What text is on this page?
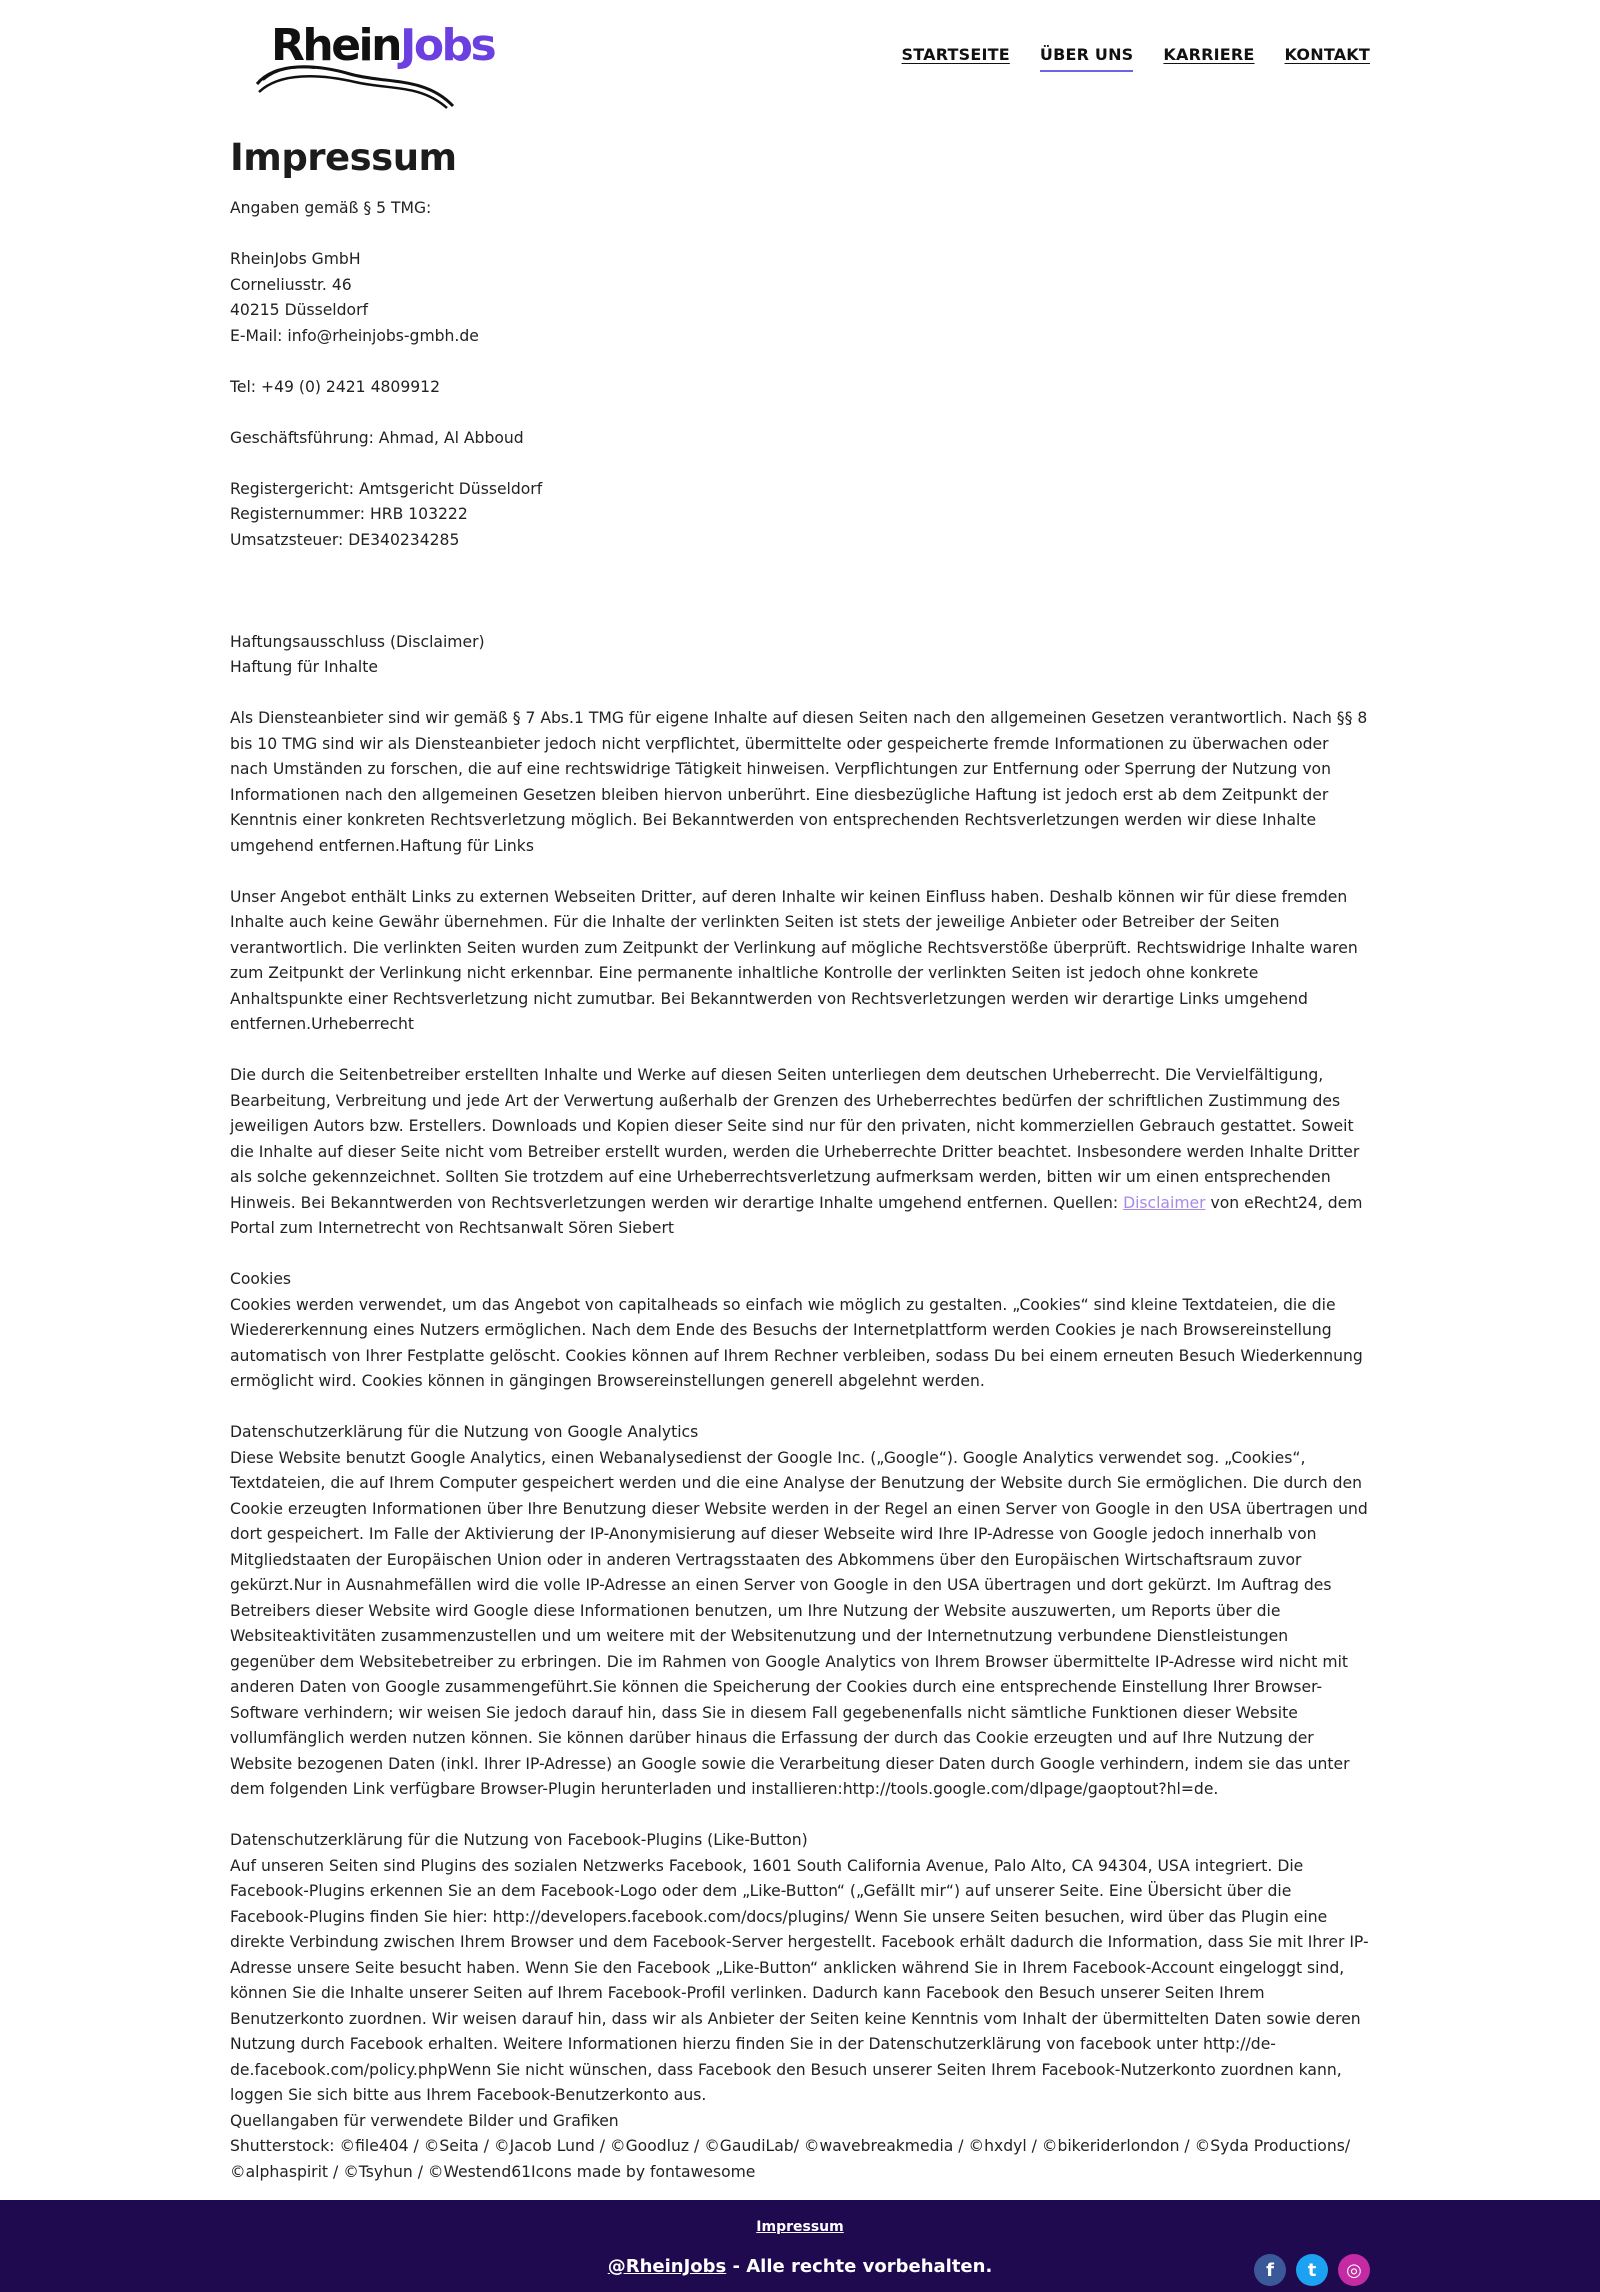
RheinJobs	STARTSEITE ÜBER UNS KARRIERE KONTAKT
Impressum

Angaben gemäß § 5 TMG:

RheinJobs GmbH
Corneliusstr. 46
40215 Düsseldorf
E-Mail: info@rheinjobs-gmbh.de

Tel: +49 (0) 2421 4809912

Geschäftsführung: Ahmad, Al Abboud

Registergericht: Amtsgericht Düsseldorf
Registernummer: HRB 103222
Umsatzsteuer: DE340234285

Haftungsausschluss (Disclaimer)
Haftung für Inhalte

Als Diensteanbieter sind wir gemäß § 7 Abs.1 TMG für eigene Inhalte auf diesen Seiten nach den allgemeinen Gesetzen verantwortlich. Nach §§ 8 bis 10 TMG sind wir als Diensteanbieter jedoch nicht verpflichtet, übermittelte oder gespeicherte fremde Informationen zu überwachen oder nach Umständen zu forschen, die auf eine rechtswidrige Tätigkeit hinweisen. Verpflichtungen zur Entfernung oder Sperrung der Nutzung von Informationen nach den allgemeinen Gesetzen bleiben hiervon unberührt. Eine diesbezügliche Haftung ist jedoch erst ab dem Zeitpunkt der Kenntnis einer konkreten Rechtsverletzung möglich. Bei Bekanntwerden von entsprechenden Rechtsverletzungen werden wir diese Inhalte umgehend entfernen.Haftung für Links

Unser Angebot enthält Links zu externen Webseiten Dritter, auf deren Inhalte wir keinen Einfluss haben. Deshalb können wir für diese fremden Inhalte auch keine Gewähr übernehmen. Für die Inhalte der verlinkten Seiten ist stets der jeweilige Anbieter oder Betreiber der Seiten verantwortlich. Die verlinkten Seiten wurden zum Zeitpunkt der Verlinkung auf mögliche Rechtsverstöße überprüft. Rechtswidrige Inhalte waren zum Zeitpunkt der Verlinkung nicht erkennbar. Eine permanente inhaltliche Kontrolle der verlinkten Seiten ist jedoch ohne konkrete Anhaltspunkte einer Rechtsverletzung nicht zumutbar. Bei Bekanntwerden von Rechtsverletzungen werden wir derartige Links umgehend entfernen.Urheberrecht

Die durch die Seitenbetreiber erstellten Inhalte und Werke auf diesen Seiten unterliegen dem deutschen Urheberrecht. Die Vervielfältigung, Bearbeitung, Verbreitung und jede Art der Verwertung außerhalb der Grenzen des Urheberrechtes bedürfen der schriftlichen Zustimmung des jeweiligen Autors bzw. Erstellers. Downloads und Kopien dieser Seite sind nur für den privaten, nicht kommerziellen Gebrauch gestattet. Soweit die Inhalte auf dieser Seite nicht vom Betreiber erstellt wurden, werden die Urheberrechte Dritter beachtet. Insbesondere werden Inhalte Dritter als solche gekennzeichnet. Sollten Sie trotzdem auf eine Urheberrechtsverletzung aufmerksam werden, bitten wir um einen entsprechenden Hinweis. Bei Bekanntwerden von Rechtsverletzungen werden wir derartige Inhalte umgehend entfernen. Quellen: Disclaimer von eRecht24, dem Portal zum Internetrecht von Rechtsanwalt Sören Siebert

Cookies
Cookies werden verwendet, um das Angebot von capitalheads so einfach wie möglich zu gestalten. „Cookies“ sind kleine Textdateien, die die Wiedererkennung eines Nutzers ermöglichen. Nach dem Ende des Besuchs der Internetplattform werden Cookies je nach Browsereinstellung automatisch von Ihrer Festplatte gelöscht. Cookies können auf Ihrem Rechner verbleiben, sodass Du bei einem erneuten Besuch Wiederkennung ermöglicht wird. Cookies können in gängingen Browsereinstellungen generell abgelehnt werden.

Datenschutzerklärung für die Nutzung von Google Analytics
Diese Website benutzt Google Analytics, einen Webanalysedienst der Google Inc. („Google“). Google Analytics verwendet sog. „Cookies“, Textdateien, die auf Ihrem Computer gespeichert werden und die eine Analyse der Benutzung der Website durch Sie ermöglichen. Die durch den Cookie erzeugten Informationen über Ihre Benutzung dieser Website werden in der Regel an einen Server von Google in den USA übertragen und dort gespeichert. Im Falle der Aktivierung der IP-Anonymisierung auf dieser Webseite wird Ihre IP-Adresse von Google jedoch innerhalb von Mitgliedstaaten der Europäischen Union oder in anderen Vertragsstaaten des Abkommens über den Europäischen Wirtschaftsraum zuvor gekürzt.Nur in Ausnahmefällen wird die volle IP-Adresse an einen Server von Google in den USA übertragen und dort gekürzt. Im Auftrag des Betreibers dieser Website wird Google diese Informationen benutzen, um Ihre Nutzung der Website auszuwerten, um Reports über die Websiteaktivitäten zusammenzustellen und um weitere mit der Websitenutzung und der Internetnutzung verbundene Dienstleistungen gegenüber dem Websitebetreiber zu erbringen. Die im Rahmen von Google Analytics von Ihrem Browser übermittelte IP-Adresse wird nicht mit anderen Daten von Google zusammengeführt.Sie können die Speicherung der Cookies durch eine entsprechende Einstellung Ihrer Browser-Software verhindern; wir weisen Sie jedoch darauf hin, dass Sie in diesem Fall gegebenenfalls nicht sämtliche Funktionen dieser Website vollumfänglich werden nutzen können. Sie können darüber hinaus die Erfassung der durch das Cookie erzeugten und auf Ihre Nutzung der Website bezogenen Daten (inkl. Ihrer IP-Adresse) an Google sowie die Verarbeitung dieser Daten durch Google verhindern, indem sie das unter dem folgenden Link verfügbare Browser-Plugin herunterladen und installieren:http://tools.google.com/dlpage/gaoptout?hl=de.

Datenschutzerklärung für die Nutzung von Facebook-Plugins (Like-Button)
Auf unseren Seiten sind Plugins des sozialen Netzwerks Facebook, 1601 South California Avenue, Palo Alto, CA 94304, USA integriert. Die Facebook-Plugins erkennen Sie an dem Facebook-Logo oder dem „Like-Button“ („Gefällt mir“) auf unserer Seite. Eine Übersicht über die Facebook-Plugins finden Sie hier: http://developers.facebook.com/docs/plugins/ Wenn Sie unsere Seiten besuchen, wird über das Plugin eine direkte Verbindung zwischen Ihrem Browser und dem Facebook-Server hergestellt. Facebook erhält dadurch die Information, dass Sie mit Ihrer IP-Adresse unsere Seite besucht haben. Wenn Sie den Facebook „Like-Button“ anklicken während Sie in Ihrem Facebook-Account eingeloggt sind, können Sie die Inhalte unserer Seiten auf Ihrem Facebook-Profil verlinken. Dadurch kann Facebook den Besuch unserer Seiten Ihrem Benutzerkonto zuordnen. Wir weisen darauf hin, dass wir als Anbieter der Seiten keine Kenntnis vom Inhalt der übermittelten Daten sowie deren Nutzung durch Facebook erhalten. Weitere Informationen hierzu finden Sie in der Datenschutzerklärung von facebook unter http://de-de.facebook.com/policy.phpWenn Sie nicht wünschen, dass Facebook den Besuch unserer Seiten Ihrem Facebook-Nutzerkonto zuordnen kann, loggen Sie sich bitte aus Ihrem Facebook-Benutzerkonto aus.
Quellangaben für verwendete Bilder und Grafiken
Shutterstock: ©file404 / ©Seita / ©Jacob Lund / ©Goodluz / ©GaudiLab/ ©wavebreakmedia / ©hxdyl / ©bikeriderlondon / ©Syda Productions/ ©alphaspirit / ©Tsyhun / ©Westend61Icons made by fontawesome

Impressum
@RheinJobs - Alle rechte vorbehalten.	f	t	◎
